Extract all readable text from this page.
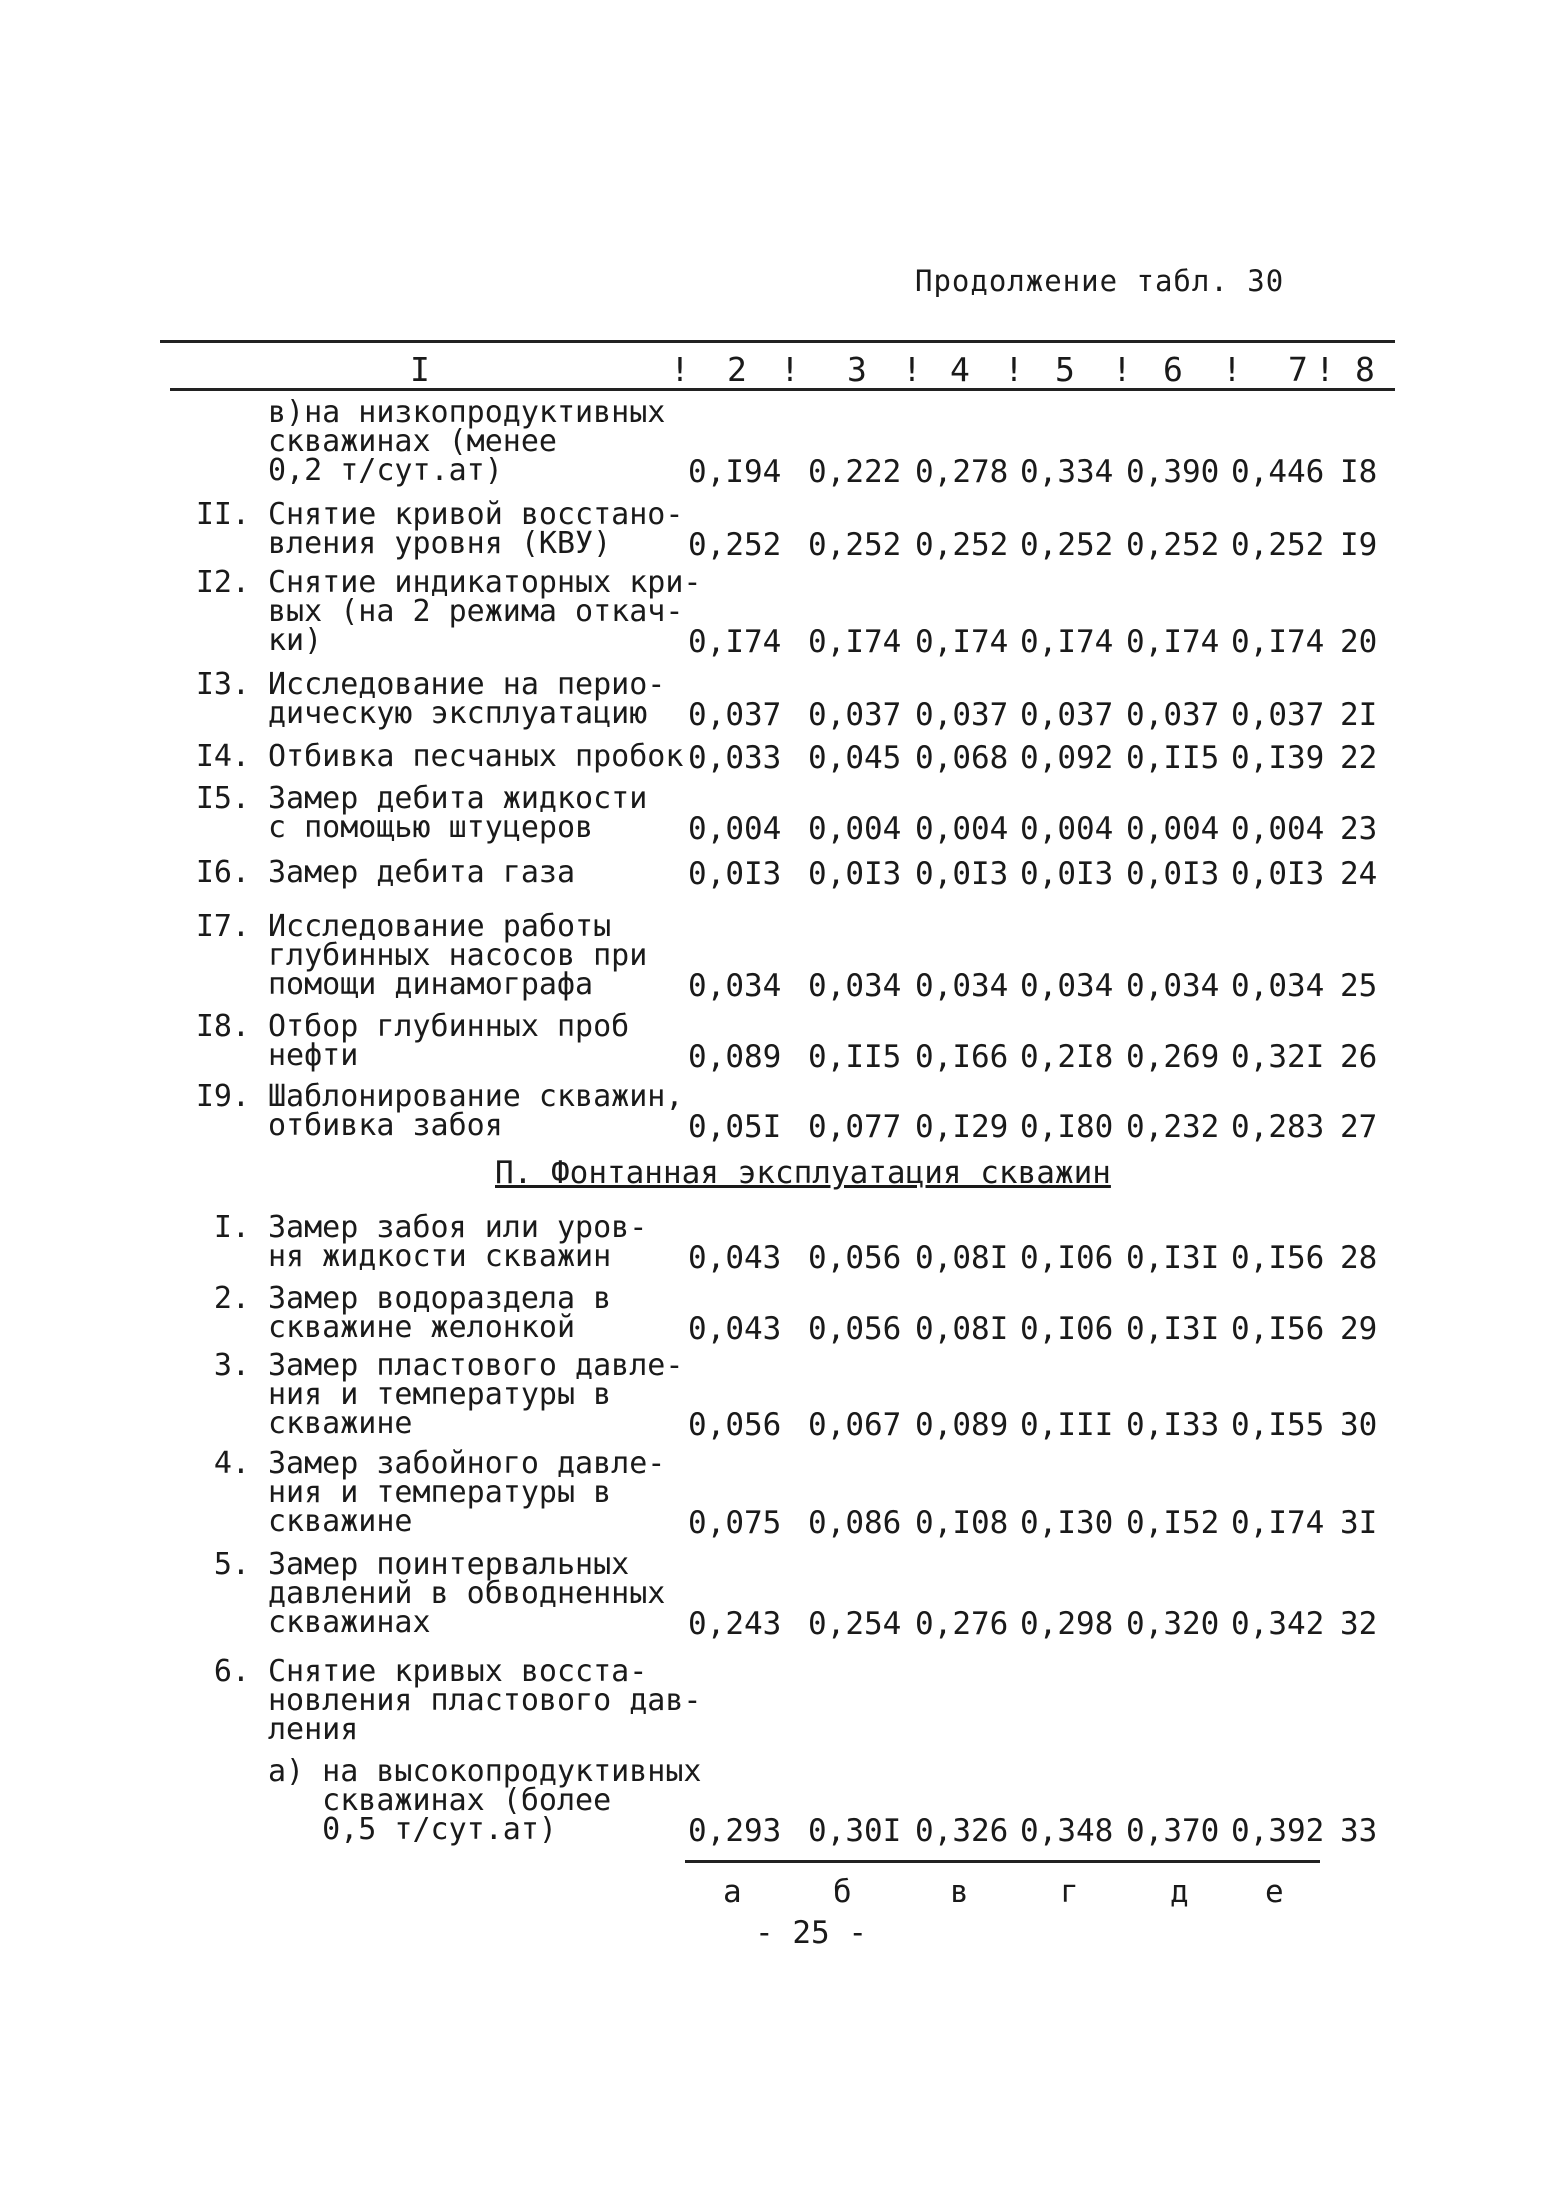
Продолжение табл. 30
I	! 2 ! 3 ! 4 ! 5 ! 6 ! 7 ! 8
в)на низкопродуктивных
скважинах (менее
0,2 т/сут.ат)	0,I94 0,222 0,278 0,334 0,390 0,446 I8
II. Снятие кривой восстано-
вления уровня (КВУ)	0,252 0,252 0,252 0,252 0,252 0,252 I9
I2. Снятие индикаторных кри-
вых (на 2 режима откач-
ки)	0,I74 0,I74 0,I74 0,I74 0,I74 0,I74 20
I3. Исследование на перио-
дическую эксплуатацию	0,037 0,037 0,037 0,037 0,037 0,037 2I
I4. Отбивка песчаных пробок 0,033 0,045 0,068 0,092 0,II5 0,I39 22
I5. Замер дебита жидкости
с помощью штуцеров	0,004 0,004 0,004 0,004 0,004 0,004 23
I6. Замер дебита газа	0,0I3 0,0I3 0,0I3 0,0I3 0,0I3 0,0I3 24
I7. Исследование работы
глубинных насосов при
помощи динамографа	0,034 0,034 0,034 0,034 0,034 0,034 25
I8. Отбор глубинных проб
нефти	0,089 0,II5 0,I66 0,2I8 0,269 0,32I 26
I9. Шаблонирование скважин,
отбивка забоя	0,05I 0,077 0,I29 0,I80 0,232 0,283 27
П. Фонтанная эксплуатация скважин
I. Замер забоя или уров-
ня жидкости скважин	0,043 0,056 0,08I 0,I06 0,I3I 0,I56 28
2. Замер водораздела в
скважине желонкой	0,043 0,056 0,08I 0,I06 0,I3I 0,I56 29
3. Замер пластового давле-
ния и температуры в
скважине	0,056 0,067 0,089 0,III 0,I33 0,I55 30
4. Замер забойного давле-
ния и температуры в
скважине	0,075 0,086 0,I08 0,I30 0,I52 0,I74 3I
5. Замер поинтервальных
давлений в обводненных
скважинах	0,243 0,254 0,276 0,298 0,320 0,342 32
6. Снятие кривых восста-
новления пластового дав-
ления
а) на высокопродуктивных
скважинах (более
0,5 т/сут.ат)	0,293 0,30I 0,326 0,348 0,370 0,392 33
а	б	в	г	д е
- 25 -
